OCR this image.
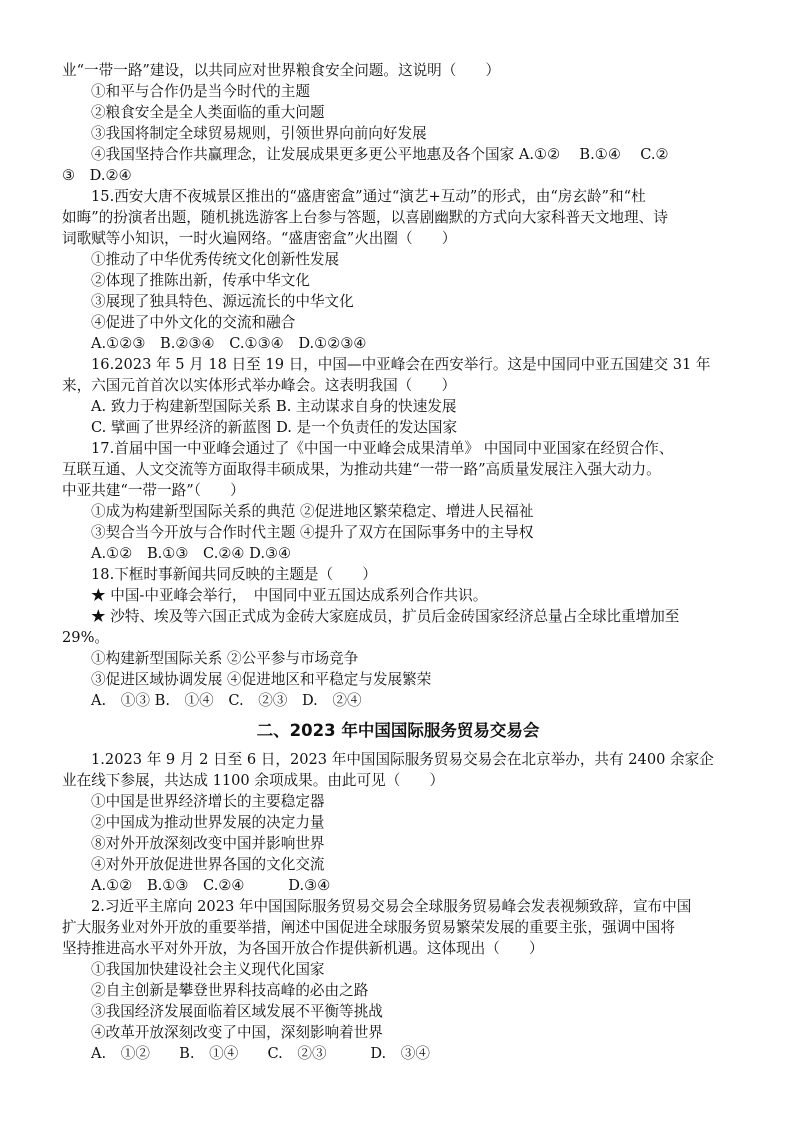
业“一带一路”建设，以共同应对世界粮食安全问题。这说明（　　）
①和平与合作仍是当今时代的主题
②粮食安全是全人类面临的重大问题
③我国将制定全球贸易规则，引领世界向前向好发展
④我国坚持合作共赢理念，让发展成果更多更公平地惠及各个国家 A.①②　 B.①④　 C.②
③　D.②④
15.西安大唐不夜城景区推出的“盛唐密盒”通过“演艺+互动”的形式，由“房玄龄”和“杜
如晦”的扮演者出题，随机挑选游客上台参与答题，以喜剧幽默的方式向大家科普天文地理、诗
词歌赋等小知识，一时火遍网络。“盛唐密盒”火出圈（　　）
①推动了中华优秀传统文化创新性发展
②体现了推陈出新，传承中华文化
③展现了独具特色、源远流长的中华文化
④促进了中外文化的交流和融合
A.①②③　B.②③④　C.①③④　D.①②③④
16.2023 年 5 月 18 日至 19 日，中国—中亚峰会在西安举行。这是中国同中亚五国建交 31 年
来，六国元首首次以实体形式举办峰会。这表明我国（　　）
A. 致力于构建新型国际关系 B. 主动谋求自身的快速发展
C. 擘画了世界经济的新蓝图 D. 是一个负责任的发达国家
17.首届中国一中亚峰会通过了《中国一中亚峰会成果清单》 中国同中亚国家在经贸合作、
互联互通、人文交流等方面取得丰硕成果，为推动共建“一带一路”高质量发展注入强大动力。
中亚共建“一带一路”（　　）
①成为构建新型国际关系的典范 ②促进地区繁荣稳定、增进人民福祉
③契合当今开放与合作时代主题 ④提升了双方在国际事务中的主导权
A.①②　B.①③　C.②④ D.③④
18.下框时事新闻共同反映的主题是（　　）
★ 中国-中亚峰会举行，　中国同中亚五国达成系列合作共识。
★ 沙特、埃及等六国正式成为金砖大家庭成员，扩员后金砖国家经济总量占全球比重增加至
29%。
①构建新型国际关系 ②公平参与市场竞争
③促进区域协调发展 ④促进地区和平稳定与发展繁荣
A.　①③ B.　①④　C.　②③　D.　②④
二、2023 年中国国际服务贸易交易会
1.2023 年 9 月 2 日至 6 日，2023 年中国国际服务贸易交易会在北京举办，共有 2400 余家企
业在线下参展，共达成 1100 余项成果。由此可见（　　）
①中国是世界经济增长的主要稳定器
②中国成为推动世界发展的决定力量
⑧对外开放深刻改变中国并影响世界
④对外开放促进世界各国的文化交流
A.①②　B.①③　C.②④　　　D.③④
2.习近平主席向 2023 年中国国际服务贸易交易会全球服务贸易峰会发表视频致辞，宣布中国
扩大服务业对外开放的重要举措，阐述中国促进全球服务贸易繁荣发展的重要主张，强调中国将
坚持推进高水平对外开放，为各国开放合作提供新机遇。这体现出（　　）
①我国加快建设社会主义现代化国家
②自主创新是攀登世界科技高峰的必由之路
③我国经济发展面临着区域发展不平衡等挑战
④改革开放深刻改变了中国，深刻影响着世界
A.　①②　　B.　①④　　C.　②③　　　D.　③④
